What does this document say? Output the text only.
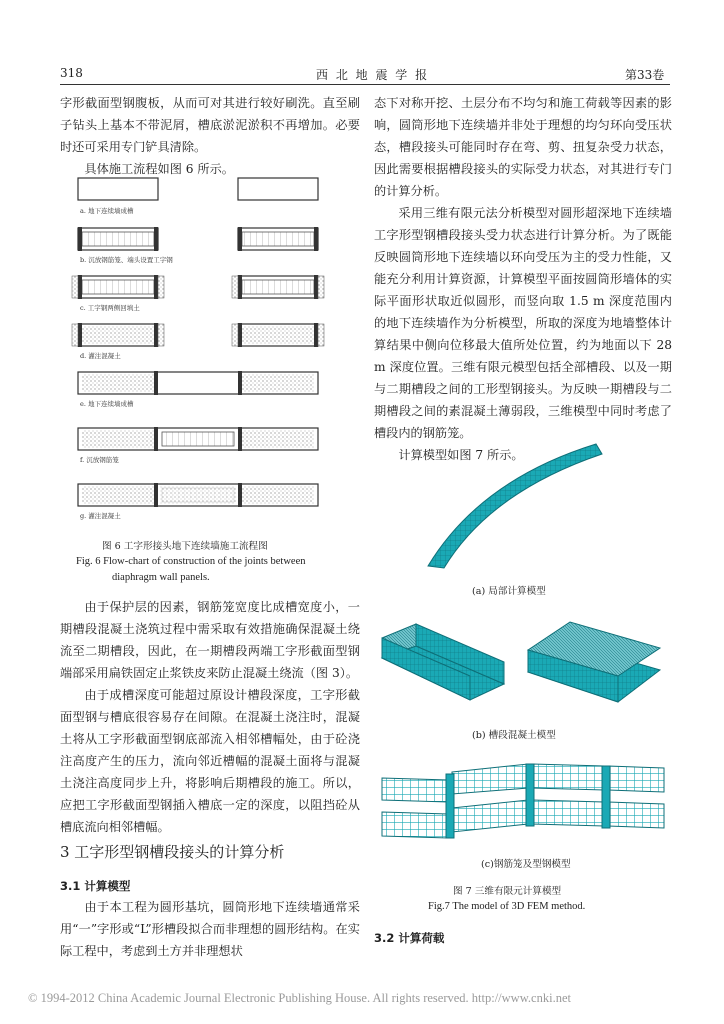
318	西 北 地 震 学 报	第33卷

字形截面型钢腹板，从而可对其进行较好刷洗。直至刷子钻头上基本不带泥屑，槽底淤泥淤积不再增加。必要时还可采用专门铲具清除。

具体施工流程如图 6 所示。

a. 地下连续墙成槽
b. 沉放钢筋笼、端头设置工字钢
c. 工字钢两侧回填土
d. 灌注混凝土
e. 地下连续墙成槽
f. 沉放钢筋笼
g. 灌注混凝土
图 6 工字形接头地下连续墙施工流程图
Fig. 6 Flow-chart of construction of the joints between
diaphragm wall panels.

由于保护层的因素，钢筋笼宽度比成槽宽度小，一期槽段混凝土浇筑过程中需采取有效措施确保混凝土绕流至二期槽段，因此，在一期槽段两端工字形截面型钢端部采用扁铁固定止浆铁皮来防止混凝土绕流（图 3）。

由于成槽深度可能超过原设计槽段深度，工字形截面型钢与槽底很容易存在间隙。在混凝土浇注时，混凝土将从工字形截面型钢底部流入相邻槽幅处，由于砼浇注高度产生的压力，流向邻近槽幅的混凝土面将与混凝土浇注高度同步上升，将影响后期槽段的施工。所以，应把工字形截面型钢插入槽底一定的深度，以阻挡砼从槽底流向相邻槽幅。

3 工字形型钢槽段接头的计算分析
3.1 计算模型

由于本工程为圆形基坑，圆筒形地下连续墙通常采用“一”字形或“L”形槽段拟合而非理想的圆形结构。在实际工程中，考虑到土方并非理想状

态下对称开挖、土层分布不均匀和施工荷载等因素的影响，圆筒形地下连续墙并非处于理想的均匀环向受压状态，槽段接头可能同时存在弯、剪、扭复杂受力状态，因此需要根据槽段接头的实际受力状态，对其进行专门的计算分析。

采用三维有限元法分析模型对圆形超深地下连续墙工字形型钢槽段接头受力状态进行计算分析。为了既能反映圆筒形地下连续墙以环向受压为主的受力性能，又能充分利用计算资源，计算模型平面按圆筒形墙体的实际平面形状取近似圆形，而竖向取 1.5 m 深度范围内的地下连续墙作为分析模型，所取的深度为地墙整体计算结果中侧向位移最大值所处位置，约为地面以下 28 m 深度位置。三维有限元模型包括全部槽段、以及一期与二期槽段之间的工形型钢接头。为反映一期槽段与二期槽段之间的素混凝土薄弱段，三维模型中同时考虑了槽段内的钢筋笼。

计算模型如图 7 所示。

(a) 局部计算模型
(b) 槽段混凝土模型
(c)钢筋笼及型钢模型
图 7 三维有限元计算模型
Fig.7 The model of 3D FEM method.
3.2 计算荷载
© 1994-2012 China Academic Journal Electronic Publishing House. All rights reserved. http://www.cnki.net
